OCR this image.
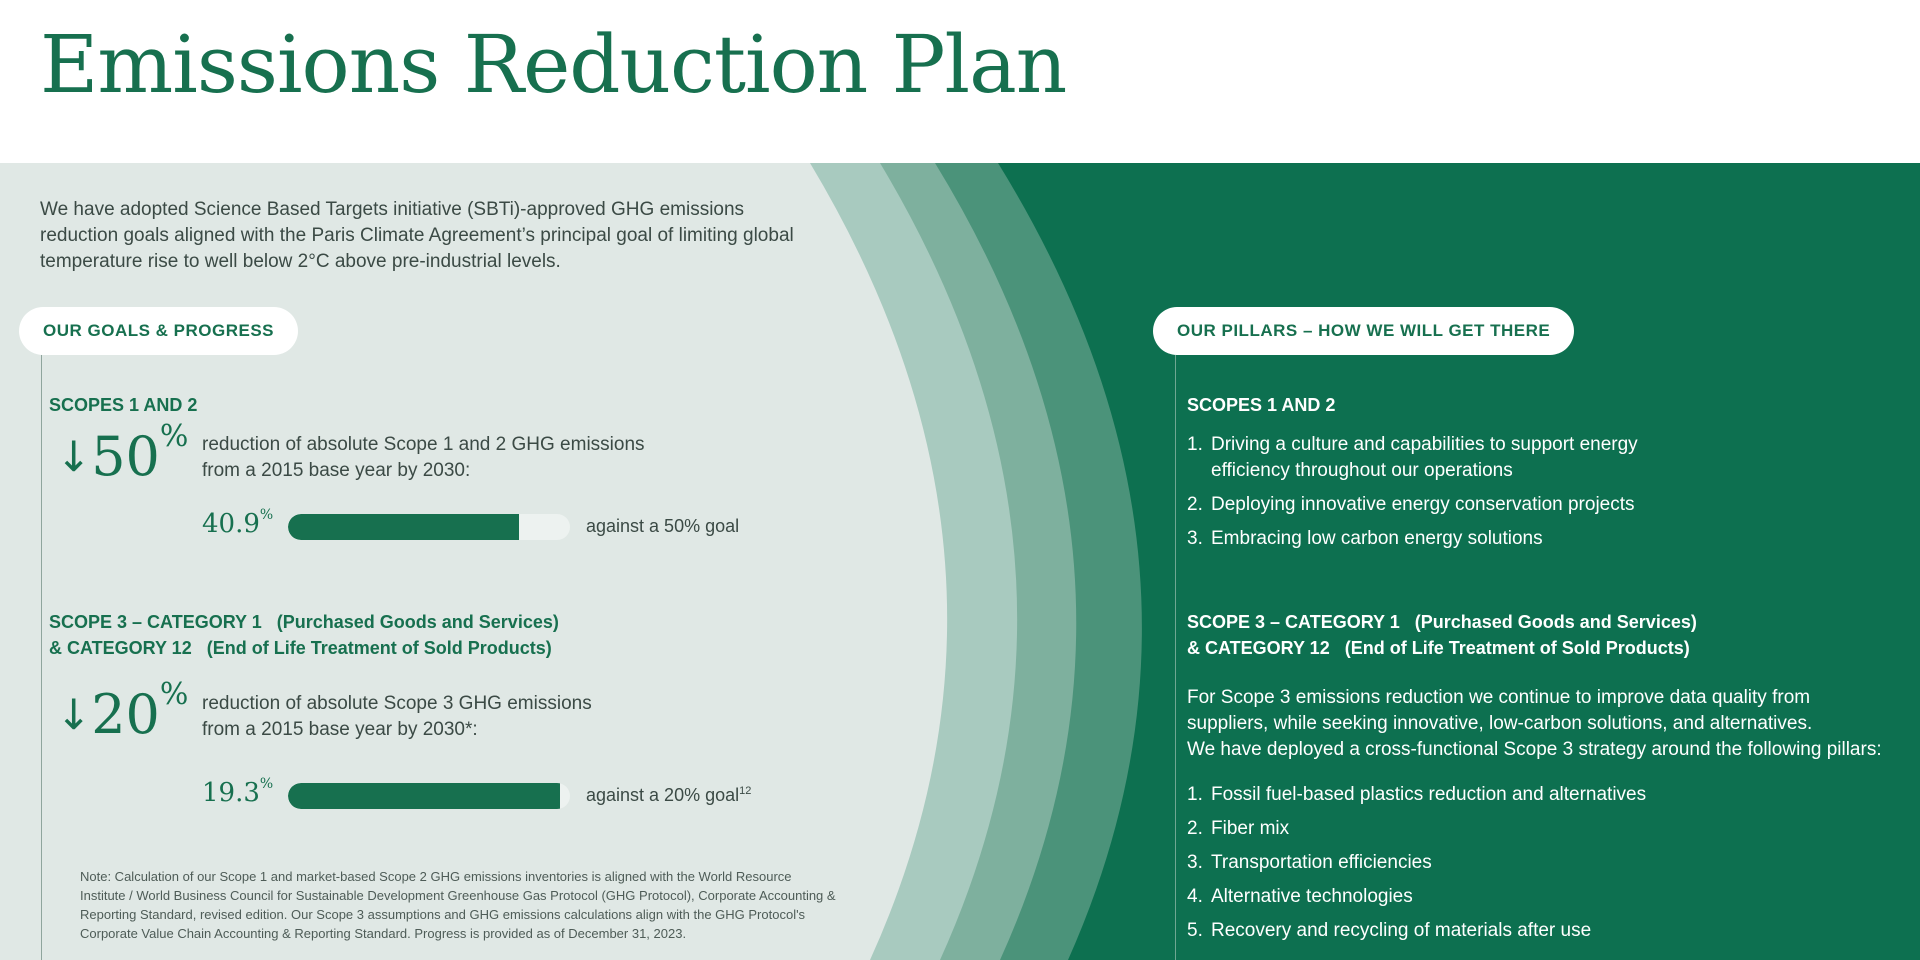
Emissions Reduction Plan

We have adopted Science Based Targets initiative (SBTi)-approved GHG emissions reduction goals aligned with the Paris Climate Agreement’s principal goal of limiting global temperature rise to well below 2°C above pre-industrial levels.

OUR GOALS & PROGRESS

SCOPES 1 AND 2

↓50% reduction of absolute Scope 1 and 2 GHG emissions
from a 2015 base year by 2030:

40.9%
against a 50% goal
SCOPE 3 – CATEGORY 1 (Purchased Goods and Services)
& CATEGORY 12 (End of Life Treatment of Sold Products)
↓20% reduction of absolute Scope 3 GHG emissions
from a 2015 base year by 2030*:

19.3%
against a 20% goal$^{12}$

Note: Calculation of our Scope 1 and market-based Scope 2 GHG emissions inventories is aligned with the World Resource Institute / World Business Council for Sustainable Development Greenhouse Gas Protocol (GHG Protocol), Corporate Accounting & Reporting Standard, revised edition. Our Scope 3 assumptions and GHG emissions calculations align with the GHG Protocol's Corporate Value Chain Accounting & Reporting Standard. Progress is provided as of December 31, 2023.

OUR PILLARS – HOW WE WILL GET THERE

SCOPES 1 AND 2

1. Driving a culture and capabilities to support energy efficiency throughout our operations
2. Deploying innovative energy conservation projects
3. Embracing low carbon energy solutions
SCOPE 3 – CATEGORY 1 (Purchased Goods and Services)
& CATEGORY 12 (End of Life Treatment of Sold Products)

For Scope 3 emissions reduction we continue to improve data quality from
suppliers, while seeking innovative, low-carbon solutions, and alternatives.
We have deployed a cross-functional Scope 3 strategy around the following pillars:

1. Fossil fuel-based plastics reduction and alternatives
2. Fiber mix
3. Transportation efficiencies
4. Alternative technologies
5. Recovery and recycling of materials after use
